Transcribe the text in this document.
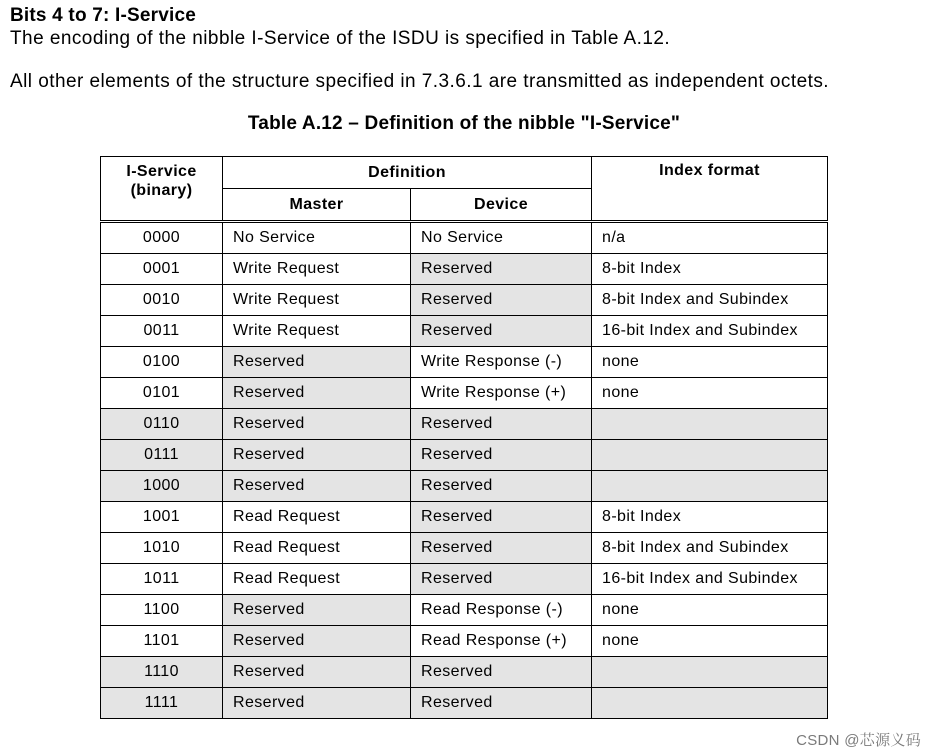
Bits 4 to 7: I-Service
The encoding of the nibble I-Service of the ISDU is specified in Table A.12.
All other elements of the structure specified in 7.3.6.1 are transmitted as independent octets.
Table A.12 – Definition of the nibble "I-Service"
I-Service
(binary)	Definition		Index format
	Master	Device	
0000	No Service	No Service	n/a
0001	Write Request	Reserved	8-bit Index
0010	Write Request	Reserved	8-bit Index and Subindex
0011	Write Request	Reserved	16-bit Index and Subindex
0100	Reserved	Write Response (-)	none
0101	Reserved	Write Response (+)	none
0110	Reserved	Reserved	
0111	Reserved	Reserved	
1000	Reserved	Reserved	
1001	Read Request	Reserved	8-bit Index
1010	Read Request	Reserved	8-bit Index and Subindex
1011	Read Request	Reserved	16-bit Index and Subindex
1100	Reserved	Read Response (-)	none
1101	Reserved	Read Response (+)	none
1110	Reserved	Reserved	
1111	Reserved	Reserved	
CSDN @芯源义码
